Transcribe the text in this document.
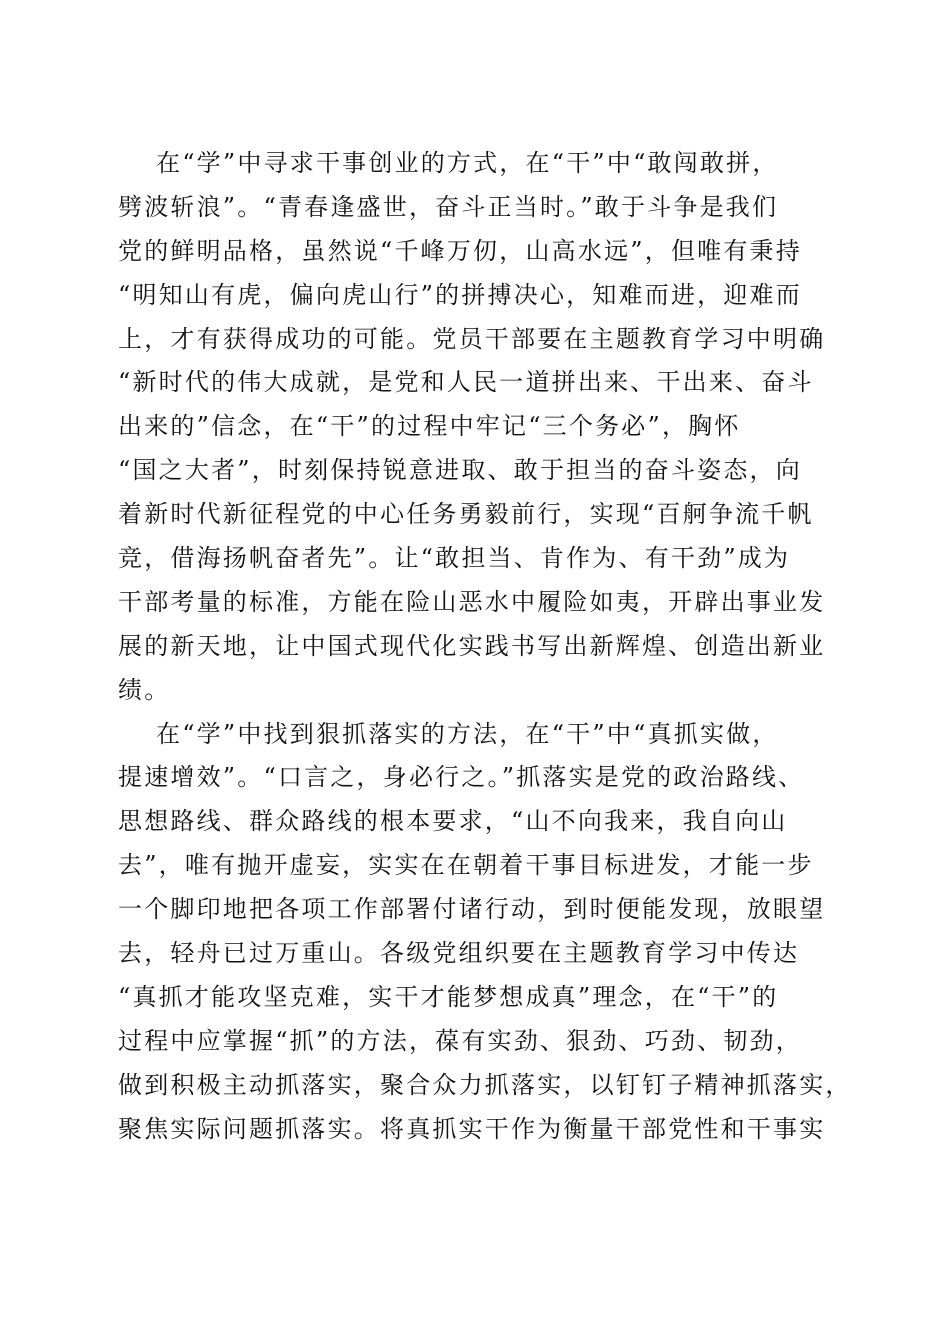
在“学”中寻求干事创业的方式，在“干”中“敢闯敢拼，
劈波斩浪”。“青春逢盛世，奋斗正当时。”敢于斗争是我们
党的鲜明品格，虽然说“千峰万仞，山高水远”，但唯有秉持
“明知山有虎，偏向虎山行”的拼搏决心，知难而进，迎难而
上，才有获得成功的可能。党员干部要在主题教育学习中明确
“新时代的伟大成就，是党和人民一道拼出来、干出来、奋斗
出来的”信念，在“干”的过程中牢记“三个务必”，胸怀
“国之大者”，时刻保持锐意进取、敢于担当的奋斗姿态，向
着新时代新征程党的中心任务勇毅前行，实现“百舸争流千帆
竞，借海扬帆奋者先”。让“敢担当、肯作为、有干劲”成为
干部考量的标准，方能在险山恶水中履险如夷，开辟出事业发
展的新天地，让中国式现代化实践书写出新辉煌、创造出新业
绩。
在“学”中找到狠抓落实的方法，在“干”中“真抓实做，
提速增效”。“口言之，身必行之。”抓落实是党的政治路线、
思想路线、群众路线的根本要求，“山不向我来，我自向山
去”，唯有抛开虚妄，实实在在朝着干事目标进发，才能一步
一个脚印地把各项工作部署付诸行动，到时便能发现，放眼望
去，轻舟已过万重山。各级党组织要在主题教育学习中传达
“真抓才能攻坚克难，实干才能梦想成真”理念，在“干”的
过程中应掌握“抓”的方法，葆有实劲、狠劲、巧劲、韧劲，
做到积极主动抓落实，聚合众力抓落实，以钉钉子精神抓落实，
聚焦实际问题抓落实。将真抓实干作为衡量干部党性和干事实
